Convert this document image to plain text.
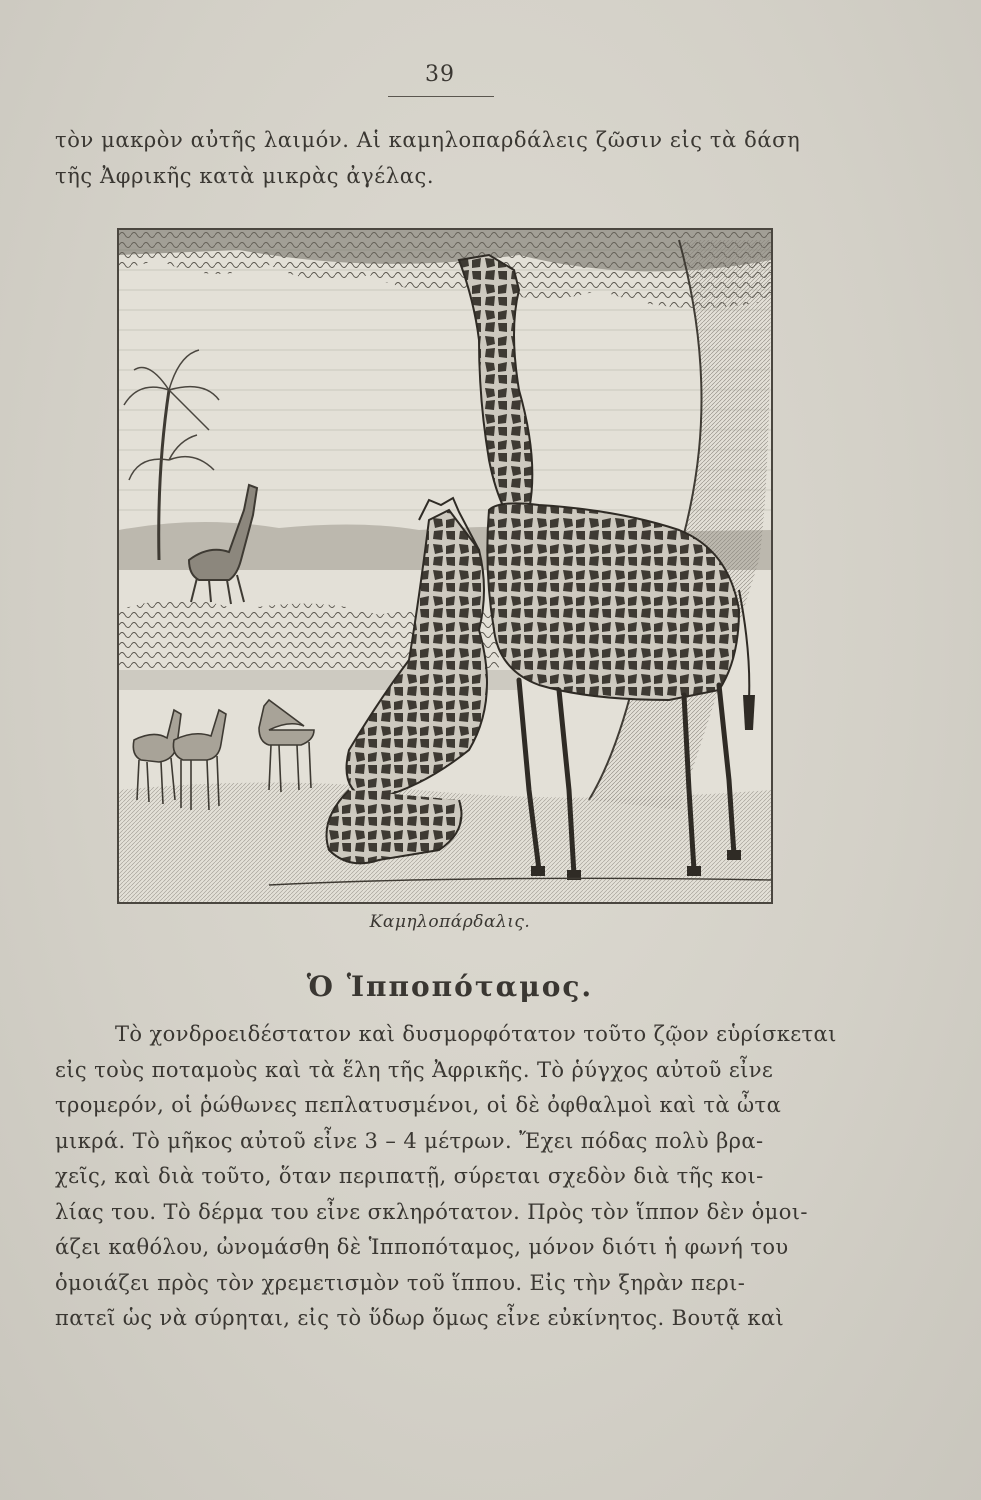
39
τὸν μακρὸν αὐτῆς λαιμόν. Αἱ καμηλοπαρδάλεις ζῶσιν εἰς τὰ δάση
τῆς Ἀφρικῆς κατὰ μικρὰς ἀγέλας.
Καμηλοπάρδαλις.
Ὁ Ἱπποπόταμος.
Τὸ χονδροειδέστατον καὶ δυσμορφότατον τοῦτο ζῷον εὑρίσκεται
εἰς τοὺς ποταμοὺς καὶ τὰ ἕλη τῆς Ἀφρικῆς. Τὸ ῥύγχος αὐτοῦ εἶνε
τρομερόν, οἱ ῥώθωνες πεπλατυσμένοι, οἱ δὲ ὀφθαλμοὶ καὶ τὰ ὦτα
μικρά. Τὸ μῆκος αὐτοῦ εἶνε 3 – 4 μέτρων. Ἔχει πόδας πολὺ βρα-
χεῖς, καὶ διὰ τοῦτο, ὅταν περιπατῇ, σύρεται σχεδὸν διὰ τῆς κοι-
λίας του. Τὸ δέρμα του εἶνε σκληρότατον. Πρὸς τὸν ἵππον δὲν ὁμοι-
άζει καθόλου, ὠνομάσθη δὲ Ἱπποπόταμος, μόνον διότι ἡ φωνή του
ὁμοιάζει πρὸς τὸν χρεμετισμὸν τοῦ ἵππου. Εἰς τὴν ξηρὰν περι-
πατεῖ ὡς νὰ σύρηται, εἰς τὸ ὕδωρ ὅμως εἶνε εὐκίνητος. Βουτᾷ καὶ
